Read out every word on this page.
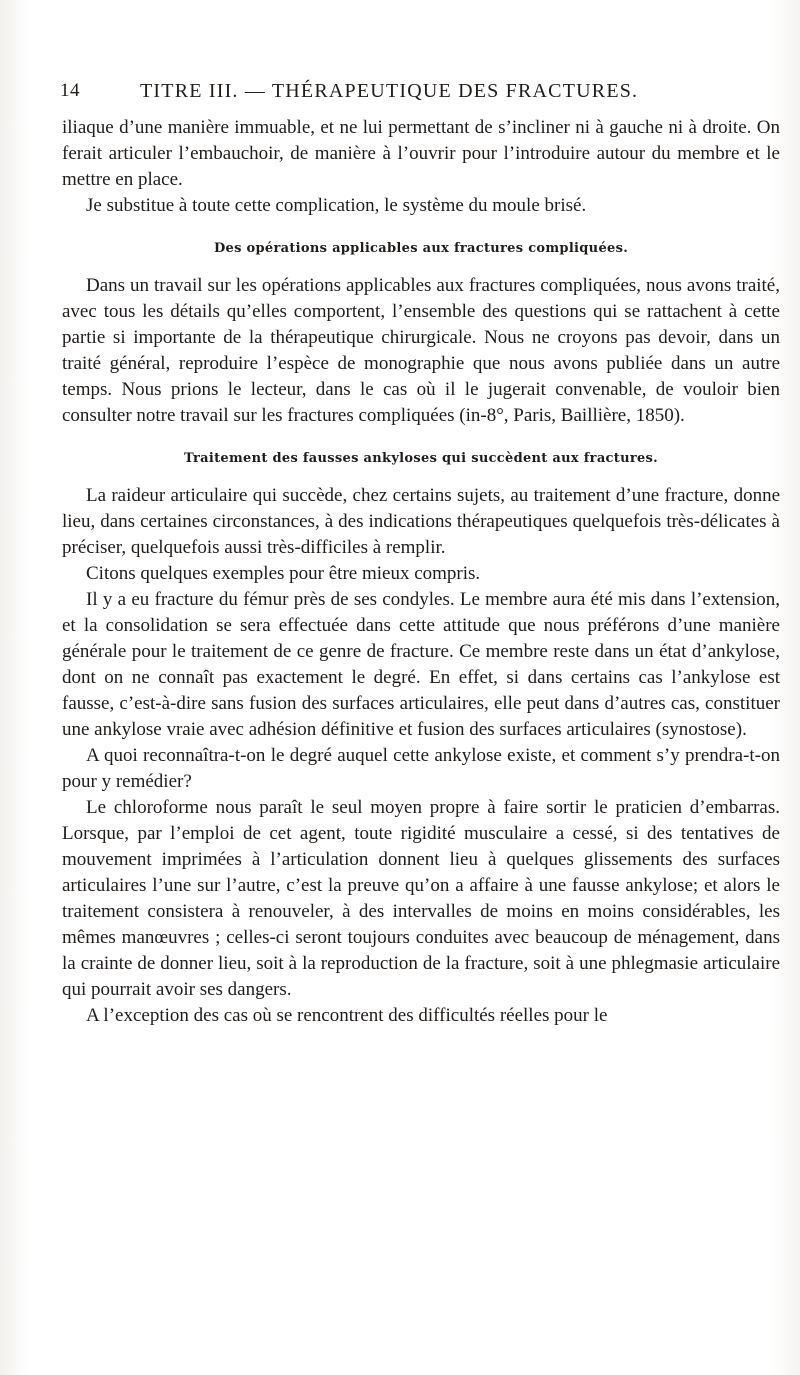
14	TITRE III. — THÉRAPEUTIQUE DES FRACTURES.

iliaque d’une manière immuable, et ne lui permettant de s’incliner ni à gauche ni à droite. On ferait articuler l’embauchoir, de manière à l’ouvrir pour l’introduire autour du membre et le mettre en place.

Je substitue à toute cette complication, le système du moule brisé.

Des opérations applicables aux fractures compliquées.

Dans un travail sur les opérations applicables aux fractures compliquées, nous avons traité, avec tous les détails qu’elles comportent, l’ensemble des questions qui se rattachent à cette partie si importante de la thérapeutique chirurgicale. Nous ne croyons pas devoir, dans un traité général, reproduire l’espèce de monographie que nous avons publiée dans un autre temps. Nous prions le lecteur, dans le cas où il le jugerait convenable, de vouloir bien consulter notre travail sur les fractures compliquées (in-8°, Paris, Baillière, 1850).

Traitement des fausses ankyloses qui succèdent aux fractures.

La raideur articulaire qui succède, chez certains sujets, au traitement d’une fracture, donne lieu, dans certaines circonstances, à des indications thérapeutiques quelquefois très-délicates à préciser, quelquefois aussi très-difficiles à remplir.

Citons quelques exemples pour être mieux compris.

Il y a eu fracture du fémur près de ses condyles. Le membre aura été mis dans l’extension, et la consolidation se sera effectuée dans cette attitude que nous préférons d’une manière générale pour le traitement de ce genre de fracture. Ce membre reste dans un état d’ankylose, dont on ne connaît pas exactement le degré. En effet, si dans certains cas l’ankylose est fausse, c’est-à-dire sans fusion des surfaces articulaires, elle peut dans d’autres cas, constituer une ankylose vraie avec adhésion définitive et fusion des surfaces articulaires (synostose).

A quoi reconnaîtra-t-on le degré auquel cette ankylose existe, et comment s’y prendra-t-on pour y remédier?

Le chloroforme nous paraît le seul moyen propre à faire sortir le praticien d’embarras. Lorsque, par l’emploi de cet agent, toute rigidité musculaire a cessé, si des tentatives de mouvement imprimées à l’articulation donnent lieu à quelques glissements des surfaces articulaires l’une sur l’autre, c’est la preuve qu’on a affaire à une fausse ankylose; et alors le traitement consistera à renouveler, à des intervalles de moins en moins considérables, les mêmes manœuvres ; celles-ci seront toujours conduites avec beaucoup de ménagement, dans la crainte de donner lieu, soit à la reproduction de la fracture, soit à une phlegmasie articulaire qui pourrait avoir ses dangers.

A l’exception des cas où se rencontrent des difficultés réelles pour le
